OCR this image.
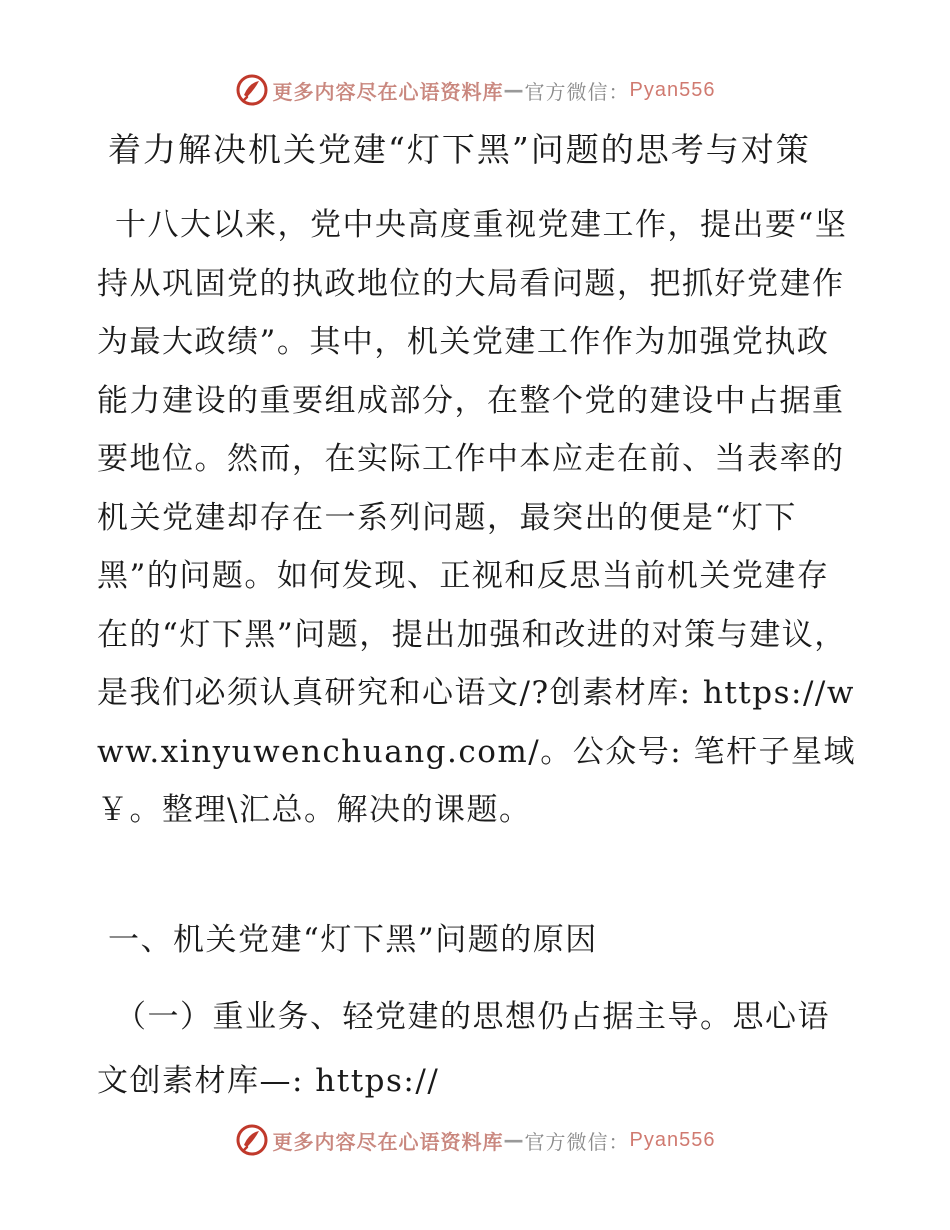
更多内容尽在心语资料库 — 官方微信： Pyan556
着力解决机关党建“灯下黑”问题的思考与对策

十八大以来，党中央高度重视党建工作，提出要“坚持从巩固党的执政地位的大局看问题，把抓好党建作为最大政绩”。其中，机关党建工作作为加强党执政能力建设的重要组成部分，在整个党的建设中占据重要地位。然而，在实际工作中本应走在前、当表率的机关党建却存在一系列问题，最突出的便是“灯下黑”的问题。如何发现、正视和反思当前机关党建存在的“灯下黑”问题，提出加强和改进的对策与建议，是我们必须认真研究和心语文/?创素材库: https://www.xinyuwenchuang.com/。公众号: 笔杆子星域￥。整理\汇总。解决的课题。

一、机关党建“灯下黑”问题的原因

（一）重业务、轻党建的思想仍占据主导。思心语文创素材库—: https://

更多内容尽在心语资料库 — 官方微信： Pyan556
